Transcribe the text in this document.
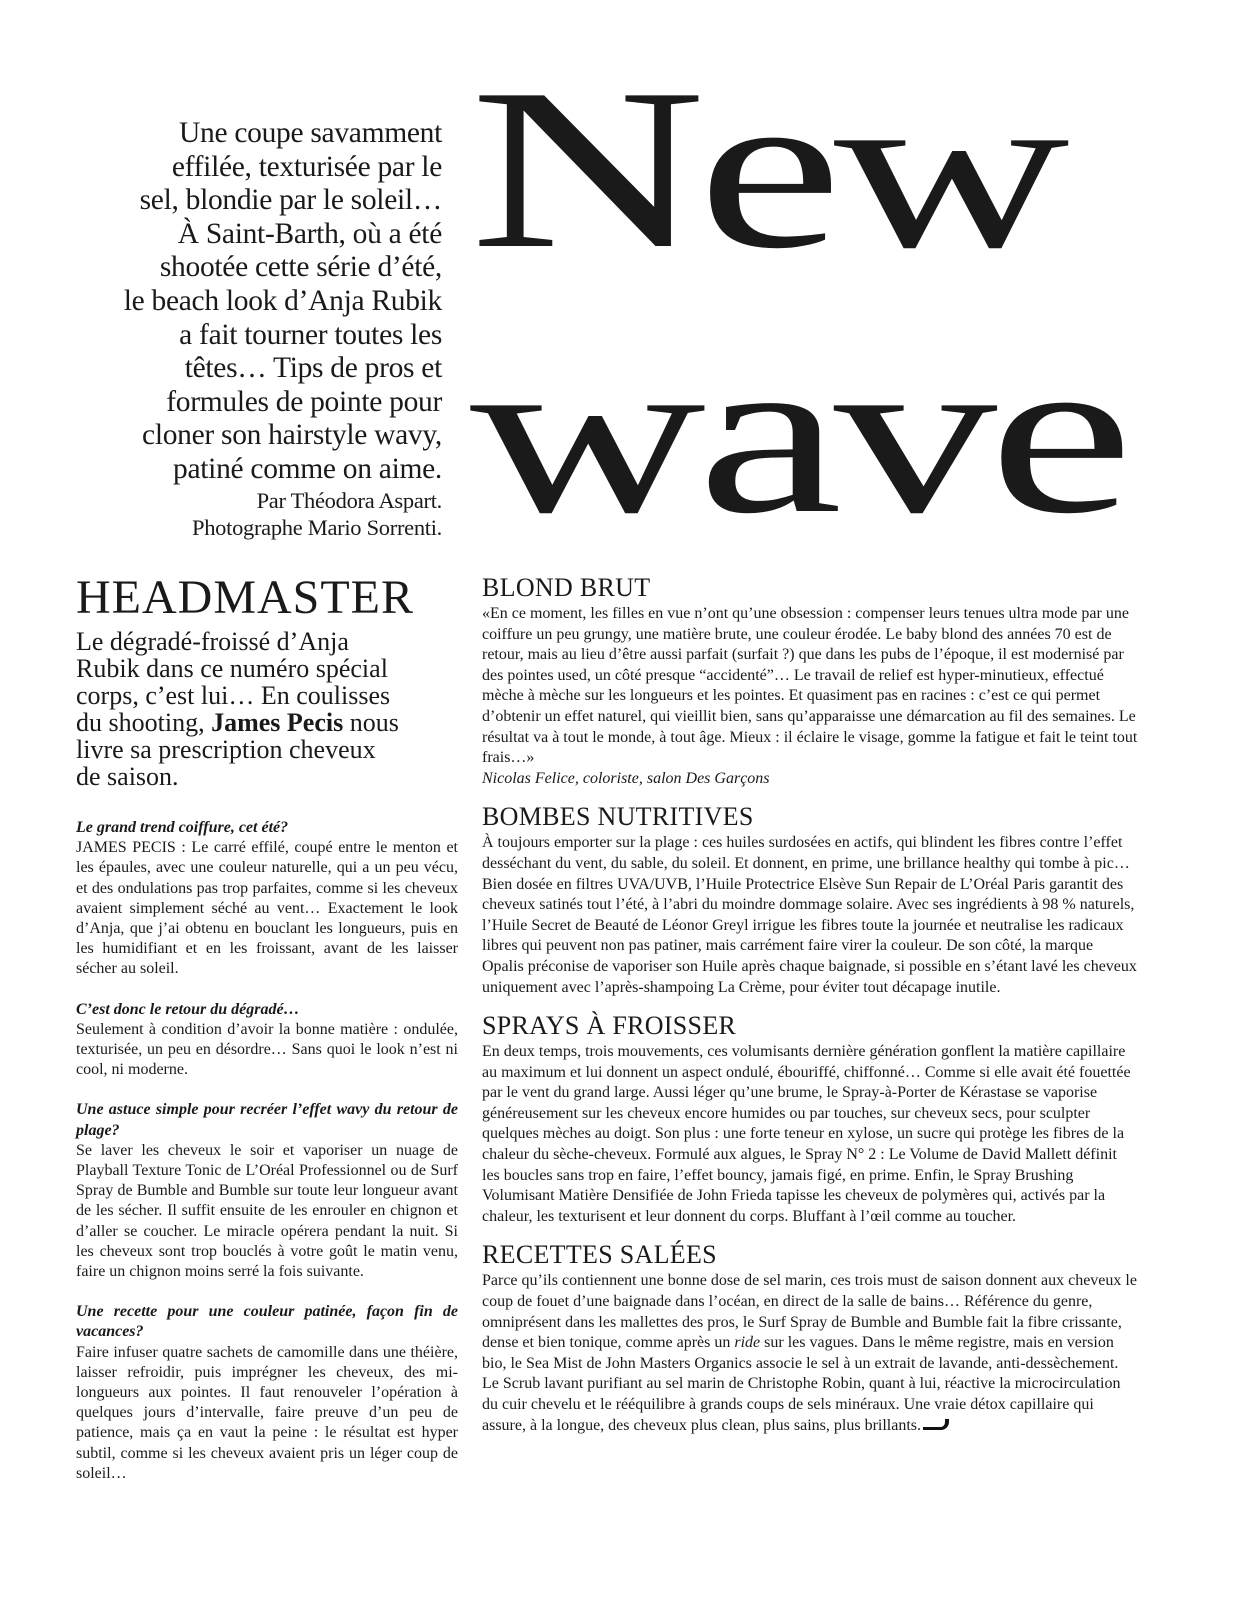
Une coupe savamment
effilée, texturisée par le
sel, blondie par le soleil…
À Saint-Barth, où a été
shootée cette série d’été,
le beach look d’Anja Rubik
a fait tourner toutes les
têtes… Tips de pros et
formules de pointe pour
cloner son hairstyle wavy,
patiné comme on aime.
Par Théodora Aspart.
Photographe Mario Sorrenti.
New
wave
HEADMASTER

Le dégradé-froissé d’Anja Rubik dans ce numéro spécial corps, c’est lui… En coulisses du shooting, James Pecis nous livre sa prescription cheveux de saison.

Le grand trend coiffure, cet été?
JAMES PECIS : Le carré effilé, coupé entre le menton et les épaules, avec une couleur naturelle, qui a un peu vécu, et des ondulations pas trop parfaites, comme si les cheveux avaient simplement séché au vent… Exactement le look d’Anja, que j’ai obtenu en bouclant les longueurs, puis en les humidifiant et en les froissant, avant de les laisser sécher au soleil.

C’est donc le retour du dégradé…
Seulement à condition d’avoir la bonne matière : ondulée, texturisée, un peu en désordre… Sans quoi le look n’est ni cool, ni moderne.

Une astuce simple pour recréer l’effet wavy du retour de plage?
Se laver les cheveux le soir et vaporiser un nuage de Playball Texture Tonic de L’Oréal Professionnel ou de Surf Spray de Bumble and Bumble sur toute leur longueur avant de les sécher. Il suffit ensuite de les enrouler en chignon et d’aller se coucher. Le miracle opérera pendant la nuit. Si les cheveux sont trop bouclés à votre goût le matin venu, faire un chignon moins serré la fois suivante.

Une recette pour une couleur patinée, façon fin de vacances?
Faire infuser quatre sachets de camomille dans une théière, laisser refroidir, puis imprégner les cheveux, des mi-longueurs aux pointes. Il faut renouveler l’opération à quelques jours d’intervalle, faire preuve d’un peu de patience, mais ça en vaut la peine : le résultat est hyper subtil, comme si les cheveux avaient pris un léger coup de soleil…

BLOND BRUT

«En ce moment, les filles en vue n’ont qu’une obsession : compenser leurs tenues ultra mode par une coiffure un peu grungy, une matière brute, une couleur érodée. Le baby blond des années 70 est de retour, mais au lieu d’être aussi parfait (surfait ?) que dans les pubs de l’époque, il est modernisé par des pointes used, un côté presque “accidenté”… Le travail de relief est hyper-minutieux, effectué mèche à mèche sur les longueurs et les pointes. Et quasiment pas en racines : c’est ce qui permet d’obtenir un effet naturel, qui vieillit bien, sans qu’apparaisse une démarcation au fil des semaines. Le résultat va à tout le monde, à tout âge. Mieux : il éclaire le visage, gomme la fatigue et fait le teint tout frais…»
Nicolas Felice, coloriste, salon Des Garçons

BOMBES NUTRITIVES

À toujours emporter sur la plage : ces huiles surdosées en actifs, qui blindent les fibres contre l’effet desséchant du vent, du sable, du soleil. Et donnent, en prime, une brillance healthy qui tombe à pic… Bien dosée en filtres UVA/UVB, l’Huile Protectrice Elsève Sun Repair de L’Oréal Paris garantit des cheveux satinés tout l’été, à l’abri du moindre dommage solaire. Avec ses ingrédients à 98 % naturels, l’Huile Secret de Beauté de Léonor Greyl irrigue les fibres toute la journée et neutralise les radicaux libres qui peuvent non pas patiner, mais carrément faire virer la couleur. De son côté, la marque Opalis préconise de vaporiser son Huile après chaque baignade, si possible en s’étant lavé les cheveux uniquement avec l’après-shampoing La Crème, pour éviter tout décapage inutile.

SPRAYS À FROISSER

En deux temps, trois mouvements, ces volumisants dernière génération gonflent la matière capillaire au maximum et lui donnent un aspect ondulé, ébouriffé, chiffonné… Comme si elle avait été fouettée par le vent du grand large. Aussi léger qu’une brume, le Spray-à-Porter de Kérastase se vaporise généreusement sur les cheveux encore humides ou par touches, sur cheveux secs, pour sculpter quelques mèches au doigt. Son plus : une forte teneur en xylose, un sucre qui protège les fibres de la chaleur du sèche-cheveux. Formulé aux algues, le Spray N° 2 : Le Volume de David Mallett définit les boucles sans trop en faire, l’effet bouncy, jamais figé, en prime. Enfin, le Spray Brushing Volumisant Matière Densifiée de John Frieda tapisse les cheveux de polymères qui, activés par la chaleur, les texturisent et leur donnent du corps. Bluffant à l’œil comme au toucher.

RECETTES SALÉES

Parce qu’ils contiennent une bonne dose de sel marin, ces trois must de saison donnent aux cheveux le coup de fouet d’une baignade dans l’océan, en direct de la salle de bains… Référence du genre, omniprésent dans les mallettes des pros, le Surf Spray de Bumble and Bumble fait la fibre crissante, dense et bien tonique, comme après un ride sur les vagues. Dans le même registre, mais en version bio, le Sea Mist de John Masters Organics associe le sel à un extrait de lavande, anti-dessèchement. Le Scrub lavant purifiant au sel marin de Christophe Robin, quant à lui, réactive la microcirculation du cuir chevelu et le rééquilibre à grands coups de sels minéraux. Une vraie détox capillaire qui assure, à la longue, des cheveux plus clean, plus sains, plus brillants.
